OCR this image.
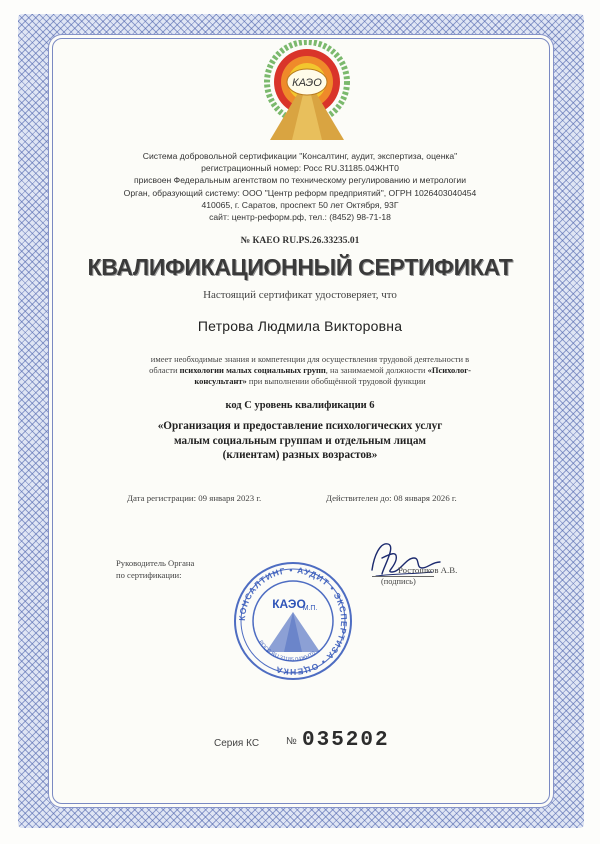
КАЭО
Система добровольной сертификации "Консалтинг, аудит, экспертиза, оценка"
регистрационный номер: Росс RU.31185.04ЖНТ0
присвоен Федеральным агентством по техническому регулированию и метрологии
Орган, образующий систему: ООО "Центр реформ предприятий", ОГРН 1026403040454
410065, г. Саратов, проспект 50 лет Октября, 93Г
сайт: центр-реформ.рф, тел.: (8452) 98-71-18
№ КАЕО RU.PS.26.33235.01
КВАЛИФИКАЦИОННЫЙ СЕРТИФИКАТ
Настоящий сертификат удостоверяет, что
Петрова Людмила Викторовна
имеет необходимые знания и компетенции для осуществления трудовой деятельности в области психологии малых социальных групп, на занимаемой должности «Психолог-консультант» при выполнении обобщённой трудовой функции
код С уровень квалификации 6
«Организация и предоставление психологических услуг
малым социальным группам и отдельным лицам
(клиентам) разных возрастов»
Дата регистрации: 09 января 2023 г.	Действителен до: 08 января 2026 г.
Руководитель Органа
по сертификации:
КОНСАЛТИНГ • АУДИТ • ЭКСПЕРТИЗА • ОЦЕНКА
КАЭО
М.П.
РОСС RU.31185.04ЖНТ0
Ростошков А.В.
(подпись)
Серия КС	№ 035202
